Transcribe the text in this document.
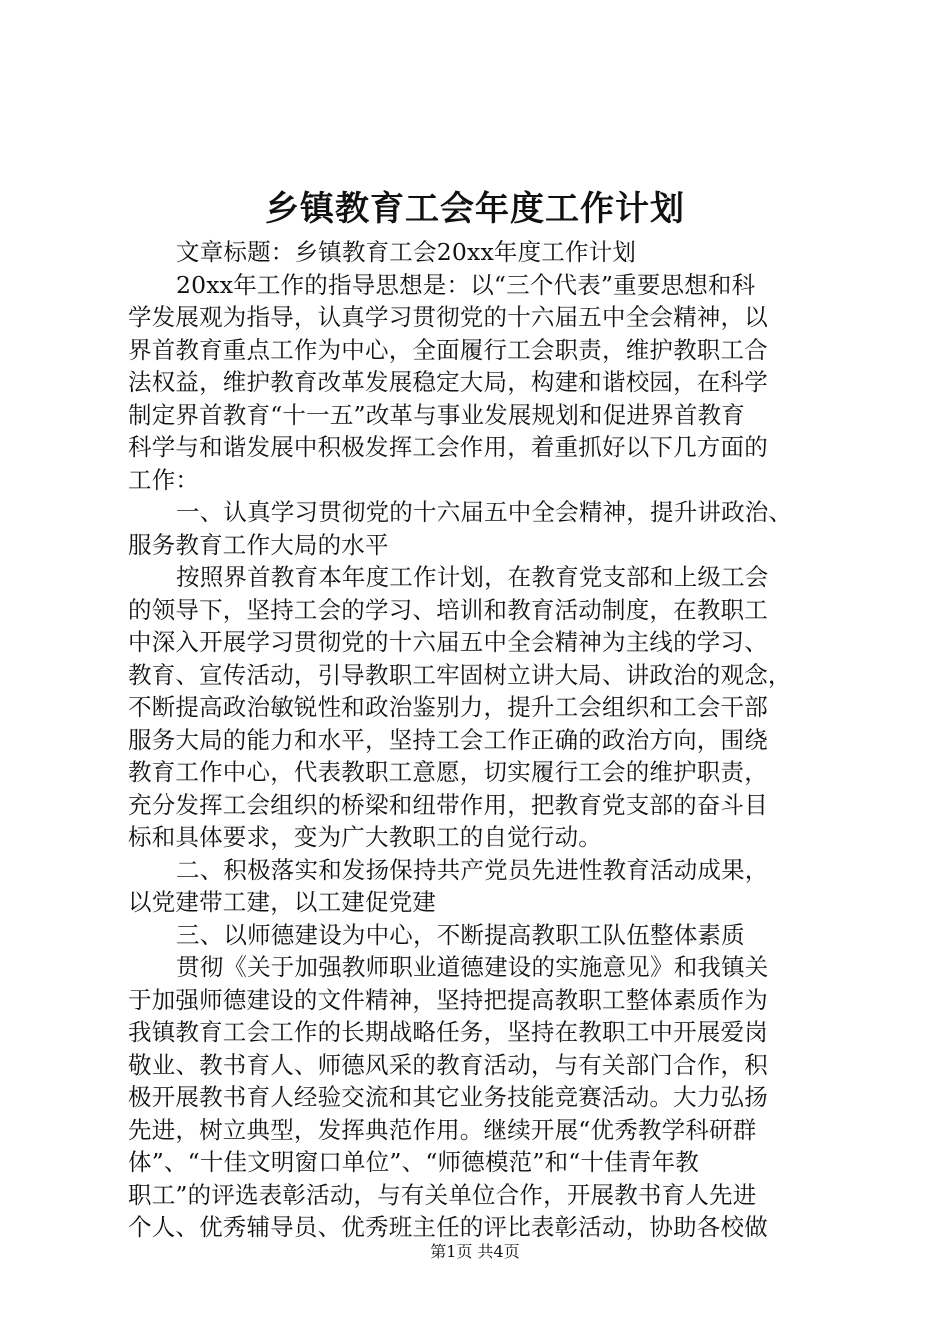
乡镇教育工会年度工作计划
文章标题：乡镇教育工会20xx年度工作计划
20xx年工作的指导思想是：以“三个代表”重要思想和科
学发展观为指导，认真学习贯彻党的十六届五中全会精神，以
界首教育重点工作为中心，全面履行工会职责，维护教职工合
法权益，维护教育改革发展稳定大局，构建和谐校园，在科学
制定界首教育“十一五”改革与事业发展规划和促进界首教育
科学与和谐发展中积极发挥工会作用，着重抓好以下几方面的
工作：
一、认真学习贯彻党的十六届五中全会精神，提升讲政治、
服务教育工作大局的水平
按照界首教育本年度工作计划，在教育党支部和上级工会
的领导下，坚持工会的学习、培训和教育活动制度，在教职工
中深入开展学习贯彻党的十六届五中全会精神为主线的学习、
教育、宣传活动，引导教职工牢固树立讲大局、讲政治的观念，
不断提高政治敏锐性和政治鉴别力，提升工会组织和工会干部
服务大局的能力和水平，坚持工会工作正确的政治方向，围绕
教育工作中心，代表教职工意愿，切实履行工会的维护职责，
充分发挥工会组织的桥梁和纽带作用，把教育党支部的奋斗目
标和具体要求，变为广大教职工的自觉行动。
二、积极落实和发扬保持共产党员先进性教育活动成果，
以党建带工建，以工建促党建
三、以师德建设为中心，不断提高教职工队伍整体素质
贯彻《关于加强教师职业道德建设的实施意见》和我镇关
于加强师德建设的文件精神，坚持把提高教职工整体素质作为
我镇教育工会工作的长期战略任务，坚持在教职工中开展爱岗
敬业、教书育人、师德风采的教育活动，与有关部门合作，积
极开展教书育人经验交流和其它业务技能竞赛活动。大力弘扬
先进，树立典型，发挥典范作用。继续开展“优秀教学科研群
体”、“十佳文明窗口单位”、“师德模范”和“十佳青年教
职工”的评选表彰活动，与有关单位合作，开展教书育人先进
个人、优秀辅导员、优秀班主任的评比表彰活动，协助各校做
第1页 共4页
